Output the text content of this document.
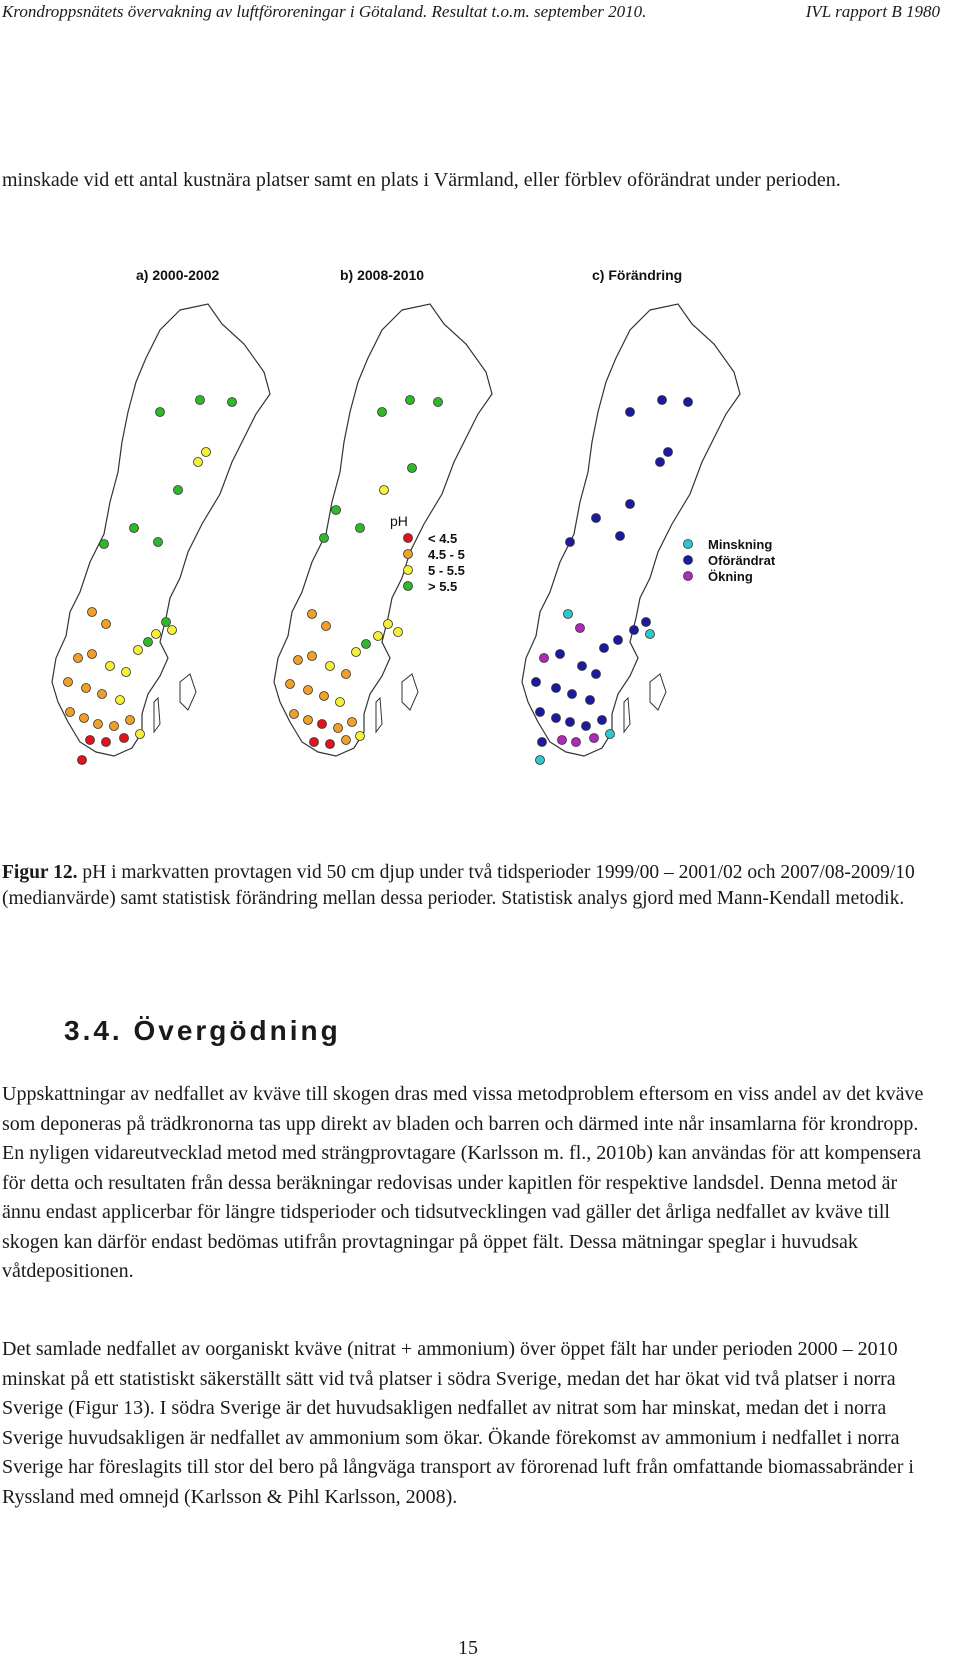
Krondroppsnätets övervakning av luftföroreningar i Götaland. Resultat t.o.m. september 2010.	IVL rapport B 1980

minskade vid ett antal kustnära platser samt en plats i Värmland, eller förblev oförändrat under perioden.

a) 2000-2002	b) 2008-2010
pH
< 4.5
4.5 - 5
5 - 5.5
> 5.5
c) Förändring
Minskning
Oförändrat
Ökning
Figur 12. pH i markvatten provtagen vid 50 cm djup under två tidsperioder 1999/00 – 2001/02 och 2007/08-2009/10 (medianvärde) samt statistisk förändring mellan dessa perioder. Statistisk analys gjord med Mann-Kendall metodik.
3.4. Övergödning

Uppskattningar av nedfallet av kväve till skogen dras med vissa metodproblem eftersom en viss andel av det kväve som deponeras på trädkronorna tas upp direkt av bladen och barren och därmed inte når insamlarna för krondropp. En nyligen vidareutvecklad metod med strängprovtagare (Karlsson m. fl., 2010b) kan användas för att kompensera för detta och resultaten från dessa beräkningar redovisas under kapitlen för respektive landsdel. Denna metod är ännu endast applicerbar för längre tidsperioder och tidsutvecklingen vad gäller det årliga nedfallet av kväve till skogen kan därför endast bedömas utifrån provtagningar på öppet fält. Dessa mätningar speglar i huvudsak våtdepositionen.

Det samlade nedfallet av oorganiskt kväve (nitrat + ammonium) över öppet fält har under perioden 2000 – 2010 minskat på ett statistiskt säkerställt sätt vid två platser i södra Sverige, medan det har ökat vid två platser i norra Sverige (Figur 13). I södra Sverige är det huvudsakligen nedfallet av nitrat som har minskat, medan det i norra Sverige huvudsakligen är nedfallet av ammonium som ökar. Ökande förekomst av ammonium i nedfallet i norra Sverige har föreslagits till stor del bero på långväga transport av förorenad luft från omfattande biomassabränder i Ryssland med omnejd (Karlsson & Pihl Karlsson, 2008).

15
